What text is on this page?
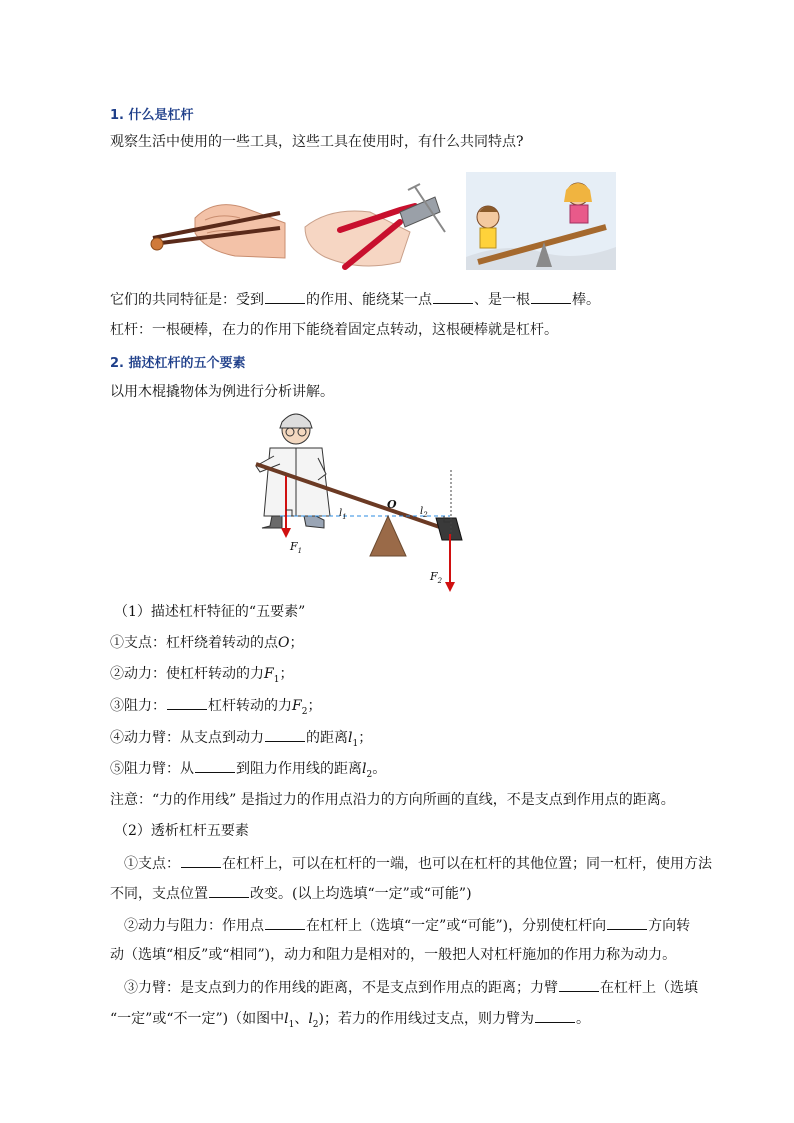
1. 什么是杠杆
观察生活中使用的一些工具，这些工具在使用时，有什么共同特点?
它们的共同特征是：受到	的作用、能绕某一点	、是一根	棒。
杠杆：一根硬棒，在力的作用下能绕着固定点转动，这根硬棒就是杠杆。
2. 描述杠杆的五个要素
以用木棍撬物体为例进行分析讲解。
O
$l_1$	$l_2$
$F_1$
$F_2$
（1）描述杠杆特征的“五要素”
①支点：杠杆绕着转动的点O；
②动力：使杠杆转动的力$F_1$；
③阻力：	杠杆转动的力$F_2$；
④动力臂：从支点到动力	的距离$l_1$；
⑤阻力臂：从	到阻力作用线的距离$l_2$。
注意：“力的作用线” 是指过力的作用点沿力的方向所画的直线，不是支点到作用点的距离。
（2）透析杠杆五要素
①支点：	在杠杆上，可以在杠杆的一端，也可以在杠杆的其他位置；同一杠杆，使用方法
不同，支点位置	改变。(以上均选填“一定”或“可能”)
②动力与阻力：作用点	在杠杆上（选填“一定”或“可能”)，分别使杠杆向	方向转
动（选填“相反”或“相同”)，动力和阻力是相对的，一般把人对杠杆施加的作用力称为动力。
③力臂：是支点到力的作用线的距离，不是支点到作用点的距离；力臂	在杠杆上（选填
“一定”或“不一定”)（如图中$l_1$、$l_2$)；若力的作用线过支点，则力臂为	。
